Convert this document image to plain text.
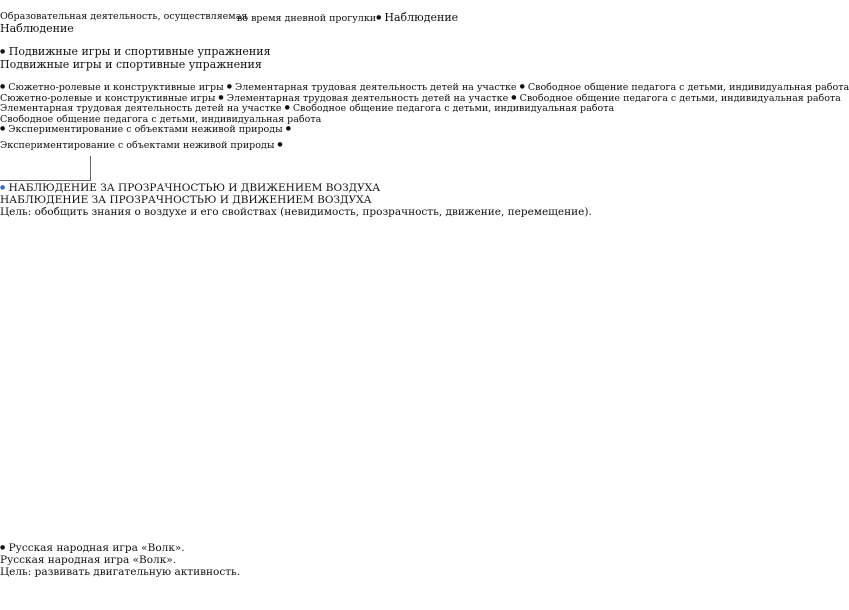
Образовательная деятельность, осуществляемая
во время дневной прогулки● Наблюдение
Наблюдение
● Подвижные игры и спортивные упражнения
Подвижные игры и спортивные упражнения
● Сюжетно-ролевые и конструктивные игры ● Элементарная трудовая деятельность детей на участке ● Свободное общение педагога с детьми, индивидуальная работа
Сюжетно-ролевые и конструктивные игры ● Элементарная трудовая деятельность детей на участке ● Свободное общение педагога с детьми, индивидуальная работа
Элементарная трудовая деятельность детей на участке ● Свободное общение педагога с детьми, индивидуальная работа
Свободное общение педагога с детьми, индивидуальная работа
● Экспериментирование с объектами неживой природы ●
Экспериментирование с объектами неживой природы ●
● НАБЛЮДЕНИЕ ЗА ПРОЗРАЧНОСТЬЮ И ДВИЖЕНИЕМ ВОЗДУХА
НАБЛЮДЕНИЕ ЗА ПРОЗРАЧНОСТЬЮ И ДВИЖЕНИЕМ ВОЗДУХА
Цель: обобщить знания о воздухе и его свойствах (невидимость, прозрачность, движение, перемещение).
● Русская народная игра «Волк».
Русская народная игра «Волк».
Цель: развивать двигательную активность.
